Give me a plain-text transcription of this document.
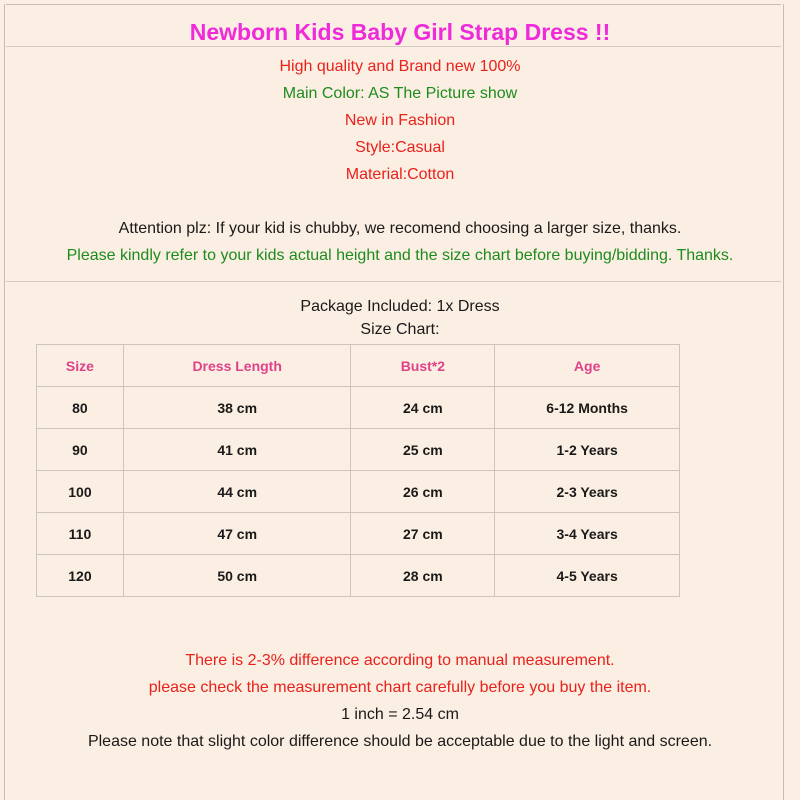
Newborn Kids Baby Girl Strap Dress !!
High quality and Brand new 100%
Main Color: AS The Picture show
New in Fashion
Style:Casual
Material:Cotton
Attention plz: If your kid is chubby, we recomend choosing a larger size, thanks.
Please kindly refer to your kids actual height and the size chart before buying/bidding. Thanks.
Package Included: 1x Dress
Size Chart:
Size	Dress Length	Bust*2	Age
80	38 cm	24 cm	6-12 Months
90	41 cm	25 cm	1-2 Years
100	44 cm	26 cm	2-3 Years
110	47 cm	27 cm	3-4 Years
120	50 cm	28 cm	4-5 Years
There is 2-3% difference according to manual measurement.
please check the measurement chart carefully before you buy the item.
1 inch = 2.54 cm
Please note that slight color difference should be acceptable due to the light and screen.
